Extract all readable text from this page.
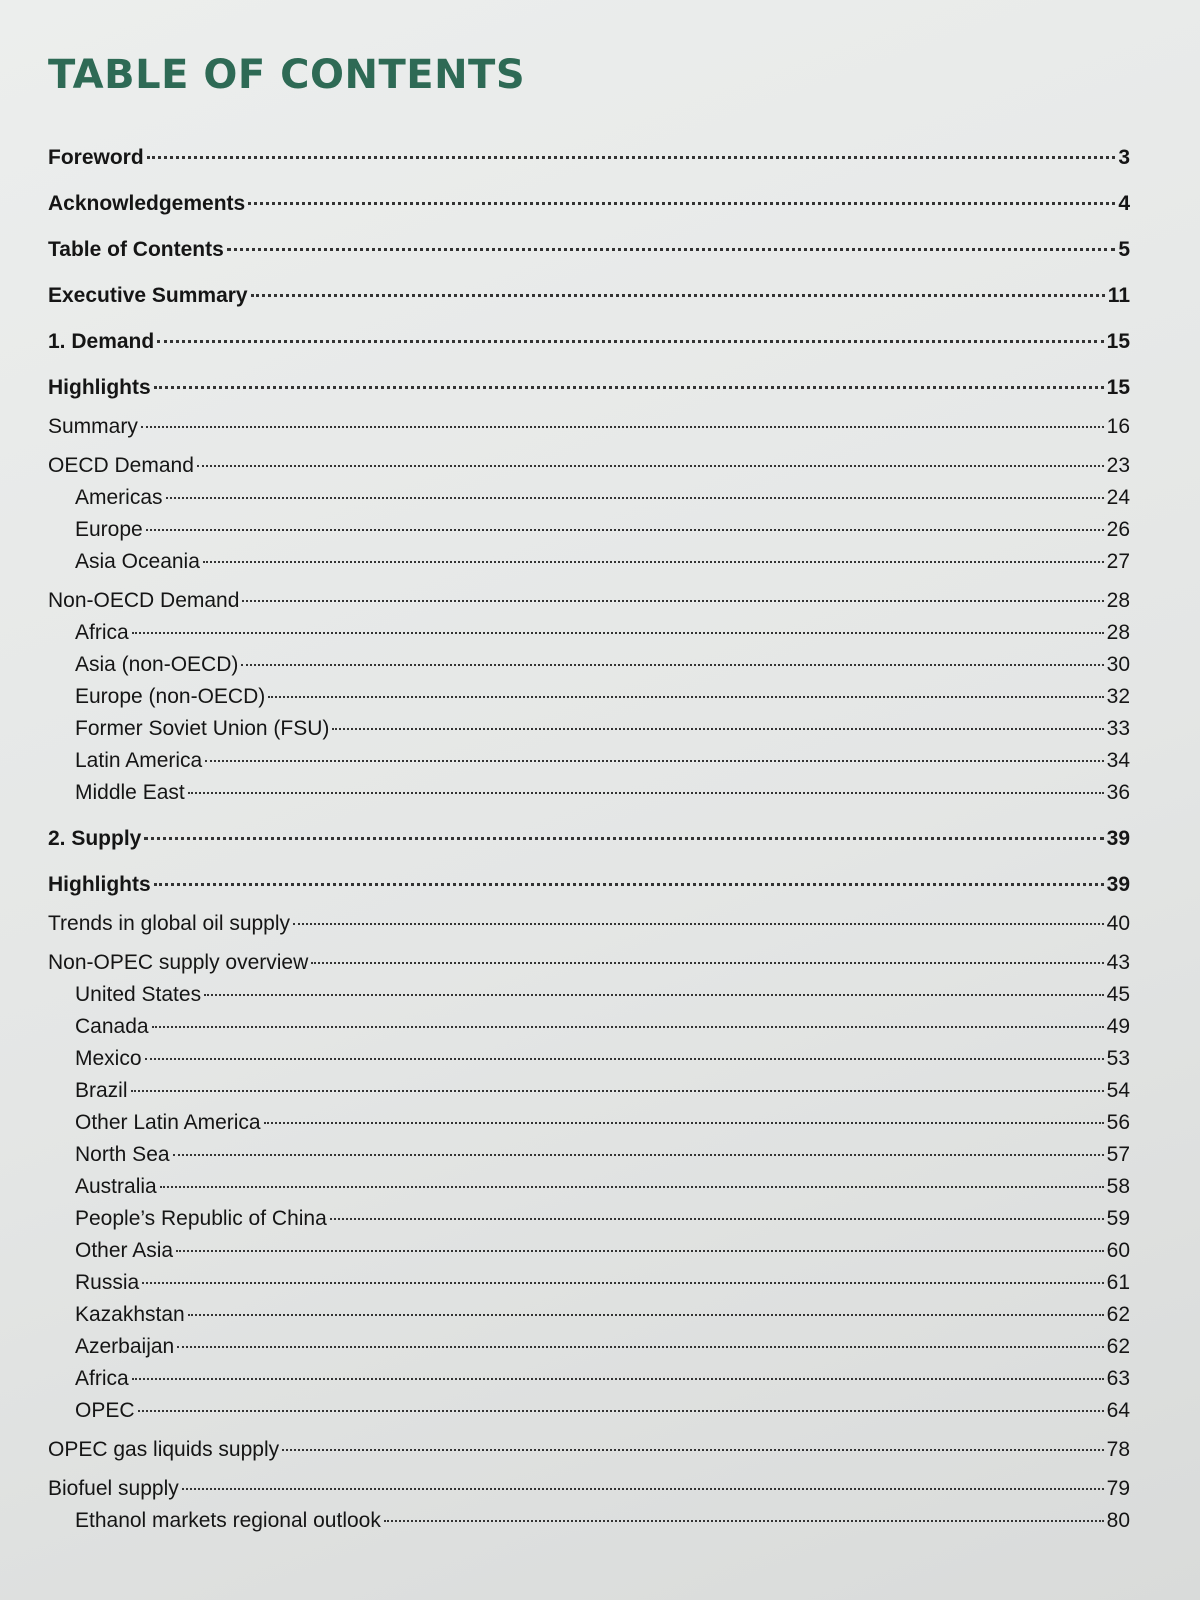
TABLE OF CONTENTS
Foreword	3
Acknowledgements	4
Table of Contents	5
Executive Summary	11
1. Demand	15
Highlights	15
Summary	16
OECD Demand	23
Americas	24
Europe	26
Asia Oceania	27
Non-OECD Demand	28
Africa	28
Asia (non-OECD)	30
Europe (non-OECD)	32
Former Soviet Union (FSU)	33
Latin America	34
Middle East	36
2. Supply	39
Highlights	39
Trends in global oil supply	40
Non-OPEC supply overview	43
United States	45
Canada	49
Mexico	53
Brazil	54
Other Latin America	56
North Sea	57
Australia	58
People’s Republic of China	59
Other Asia	60
Russia	61
Kazakhstan	62
Azerbaijan	62
Africa	63
OPEC	64
OPEC gas liquids supply	78
Biofuel supply	79
Ethanol markets regional outlook	80
